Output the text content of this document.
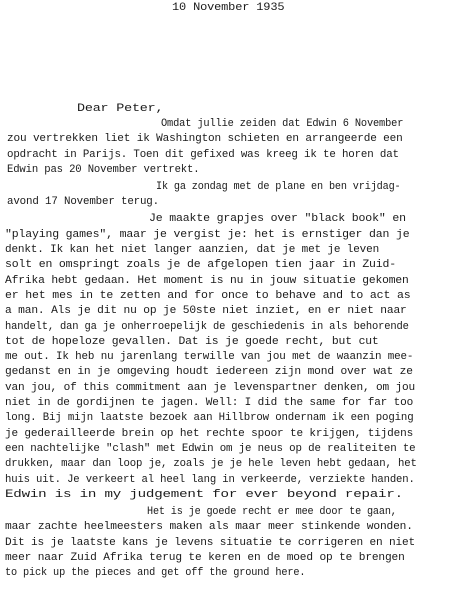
10 November 1935
Dear Peter,
Omdat jullie zeiden dat Edwin 6 November
zou vertrekken liet ik Washington schieten en arrangeerde een
opdracht in Parijs. Toen dit gefixed was kreeg ik te horen dat
Edwin pas 20 November vertrekt.
Ik ga zondag met de plane en ben vrijdag-
avond 17 November terug.
Je maakte grapjes over "black book" en
"playing games", maar je vergist je: het is ernstiger dan je
denkt. Ik kan het niet langer aanzien, dat je met je leven
solt en omspringt zoals je de afgelopen tien jaar in Zuid-
Afrika hebt gedaan. Het moment is nu in jouw situatie gekomen
er het mes in te zetten and for once to behave and to act as
a man. Als je dit nu op je 50ste niet inziet, en er niet naar
handelt, dan ga je onherroepelijk de geschiedenis in als behorende
tot de hopeloze gevallen. Dat is je goede recht, but cut
me out. Ik heb nu jarenlang terwille van jou met de waanzin mee-
gedanst en in je omgeving houdt iedereen zijn mond over wat ze
van jou, of this commitment aan je levenspartner denken, om jou
niet in de gordijnen te jagen. Well: I did the same for far too
long. Bij mijn laatste bezoek aan Hillbrow ondernam ik een poging
je gederailleerde brein op het rechte spoor te krijgen, tijdens
een nachtelijke "clash" met Edwin om je neus op de realiteiten te
drukken, maar dan loop je, zoals je je hele leven hebt gedaan, het
huis uit. Je verkeert al heel lang in verkeerde, verziekte handen.
Edwin is in my judgement for ever beyond repair.
Het is je goede recht er mee door te gaan,
maar zachte heelmeesters maken als maar meer stinkende wonden.
Dit is je laatste kans je levens situatie te corrigeren en niet
meer naar Zuid Afrika terug te keren en de moed op te brengen
to pick up the pieces and get off the ground here.
